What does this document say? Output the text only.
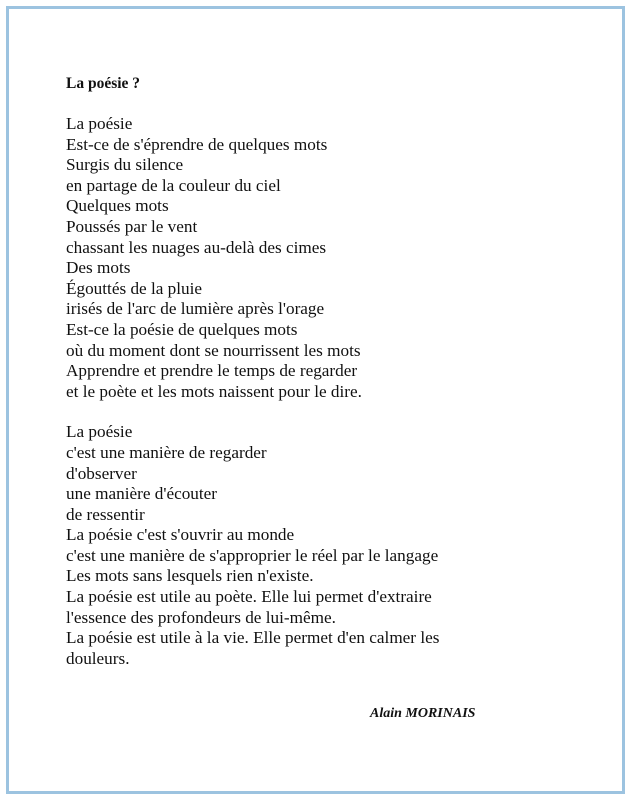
La poésie ?
La poésie
Est-ce de s'éprendre de quelques mots
Surgis du silence
en partage de la couleur du ciel
Quelques mots
Poussés par le vent
chassant les nuages au-delà des cimes
Des mots
Égouttés de la pluie
irisés de l'arc de lumière après l'orage
Est-ce la poésie de quelques mots
où du moment dont se nourrissent les mots
Apprendre et prendre le temps de regarder
et le poète et les mots naissent pour le dire.
La poésie
c'est une manière de regarder
d'observer
une manière d'écouter
de ressentir
La poésie c'est s'ouvrir au monde
c'est une manière de s'approprier le réel par le langage
Les mots sans lesquels rien n'existe.
La poésie est utile au poète. Elle lui permet d'extraire
l'essence des profondeurs de lui-même.
La poésie est utile à la vie. Elle permet d'en calmer les
douleurs.
Alain MORINAIS
